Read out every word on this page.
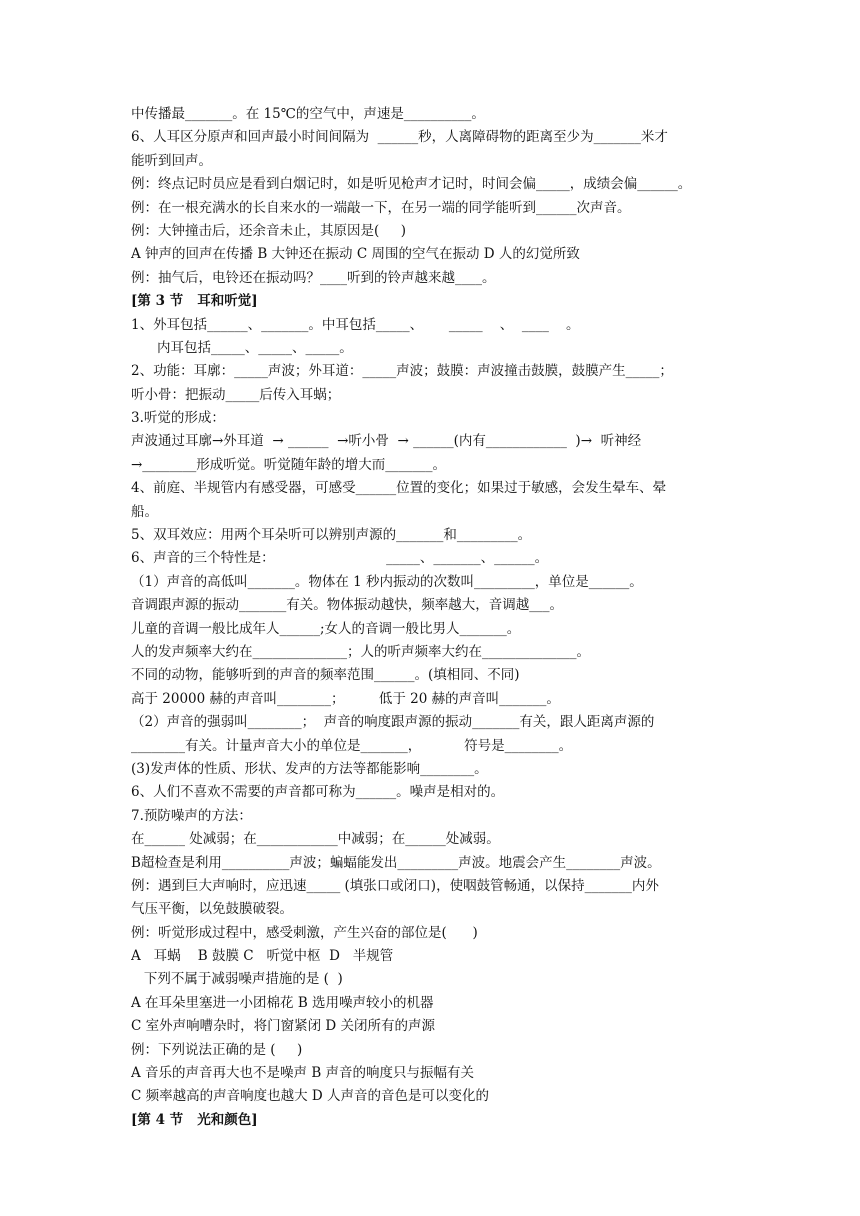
中传播最_______。在 15℃的空气中，声速是__________。
6、人耳区分原声和回声最小时间间隔为  ______秒，人离障碍物的距离至少为_______米才
能听到回声。
例：终点记时员应是看到白烟记时，如是听见枪声才记时，时间会偏_____，成绩会偏______。
例：在一根充满水的长自来水的一端敲一下，在另一端的同学能听到______次声音。
例：大钟撞击后，还余音未止，其原因是(     )
A 钟声的回声在传播 B 大钟还在振动 C 周围的空气在振动 D 人的幻觉所致
例：抽气后，电铃还在振动吗？____听到的铃声越来越____。
[第 3 节   耳和听觉]
1、外耳包括______、_______。中耳包括_____、      _____    、  ____    。
内耳包括_____、_____、_____。
2、功能：耳廓：_____声波；外耳道：_____声波；鼓膜：声波撞击鼓膜，鼓膜产生_____；
听小骨：把振动_____后传入耳蜗；
3.听觉的形成：
声波通过耳廓→外耳道  → ______  →听小骨  → ______(内有____________  )→  听神经
→________形成听觉。听觉随年龄的增大而_______。
4、前庭、半规管内有感受器，可感受______位置的变化；如果过于敏感，会发生晕车、晕
船。
5、双耳效应：用两个耳朵听可以辨别声源的_______和_________。
6、声音的三个特性是：                          _____、_______、______。
（1）声音的高低叫_______。物体在 1 秒内振动的次数叫_________，单位是______。
音调跟声源的振动_______有关。物体振动越快，频率越大，音调越___。
儿童的音调一般比成年人______;女人的音调一般比男人_______。
人的发声频率大约在______________；人的听声频率大约在______________。
不同的动物，能够听到的声音的频率范围______。(填相同、不同)
高于 20000 赫的声音叫________；        低于 20 赫的声音叫_______。
（2）声音的强弱叫________；  声音的响度跟声源的振动_______有关，跟人距离声源的
________有关。计量声音大小的单位是_______，          符号是________。
(3)发声体的性质、形状、发声的方法等都能影响________。
6、人们不喜欢不需要的声音都可称为______。噪声是相对的。
7.预防噪声的方法：
在______ 处减弱；在____________中减弱；在______处减弱。
B超检查是利用__________声波；蝙蝠能发出_________声波。地震会产生________声波。
例：遇到巨大声响时，应迅速_____ (填张口或闭口)，使咽鼓管畅通，以保持_______内外
气压平衡，以免鼓膜破裂。
例：听觉形成过程中，感受刺激，产生兴奋的部位是(      )
A   耳蜗    B 鼓膜 C   听觉中枢  D   半规管
下列不属于减弱噪声措施的是 (  )
A 在耳朵里塞进一小团棉花 B 选用噪声较小的机器
C 室外声响嘈杂时，将门窗紧闭 D 关闭所有的声源
例：下列说法正确的是 (     )
A 音乐的声音再大也不是噪声 B 声音的响度只与振幅有关
C 频率越高的声音响度也越大 D 人声音的音色是可以变化的
[第 4 节   光和颜色]
